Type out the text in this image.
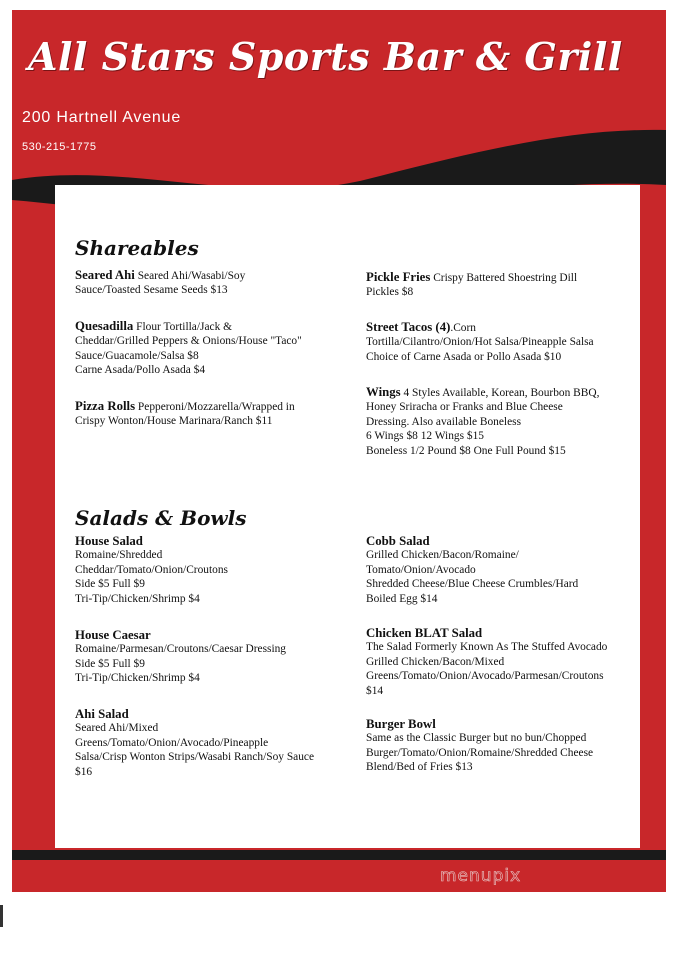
All Stars Sports Bar & Grill
200 Hartnell Avenue
530-215-1775
Shareables
Seared Ahi Seared Ahi/Wasabi/Soy
Sauce/Toasted Sesame Seeds $13
Quesadilla Flour Tortilla/Jack &
Cheddar/Grilled Peppers & Onions/House "Taco"
Sauce/Guacamole/Salsa $8
Carne Asada/Pollo Asada $4
Pizza Rolls Pepperoni/Mozzarella/Wrapped in
Crispy Wonton/House Marinara/Ranch $11
Pickle Fries Crispy Battered Shoestring Dill
Pickles $8
Street Tacos (4).Corn
Tortilla/Cilantro/Onion/Hot Salsa/Pineapple Salsa
Choice of Carne Asada or Pollo Asada $10
Wings 4 Styles Available, Korean, Bourbon BBQ,
Honey Sriracha or Franks and Blue Cheese
Dressing. Also available Boneless
6 Wings $8 12 Wings $15
Boneless 1/2 Pound $8 One Full Pound $15
Salads & Bowls
House Salad
Romaine/Shredded
Cheddar/Tomato/Onion/Croutons
Side $5 Full $9
Tri-Tip/Chicken/Shrimp $4
House Caesar
Romaine/Parmesan/Croutons/Caesar Dressing
Side $5 Full $9
Tri-Tip/Chicken/Shrimp $4
Ahi Salad
Seared Ahi/Mixed
Greens/Tomato/Onion/Avocado/Pineapple
Salsa/Crisp Wonton Strips/Wasabi Ranch/Soy Sauce
$16
Cobb Salad
Grilled Chicken/Bacon/Romaine/
Tomato/Onion/Avocado
Shredded Cheese/Blue Cheese Crumbles/Hard
Boiled Egg $14
Chicken BLAT Salad
The Salad Formerly Known As The Stuffed Avocado
Grilled Chicken/Bacon/Mixed
Greens/Tomato/Onion/Avocado/Parmesan/Croutons
$14
Burger Bowl
Same as the Classic Burger but no bun/Chopped
Burger/Tomato/Onion/Romaine/Shredded Cheese
Blend/Bed of Fries $13
menupix
